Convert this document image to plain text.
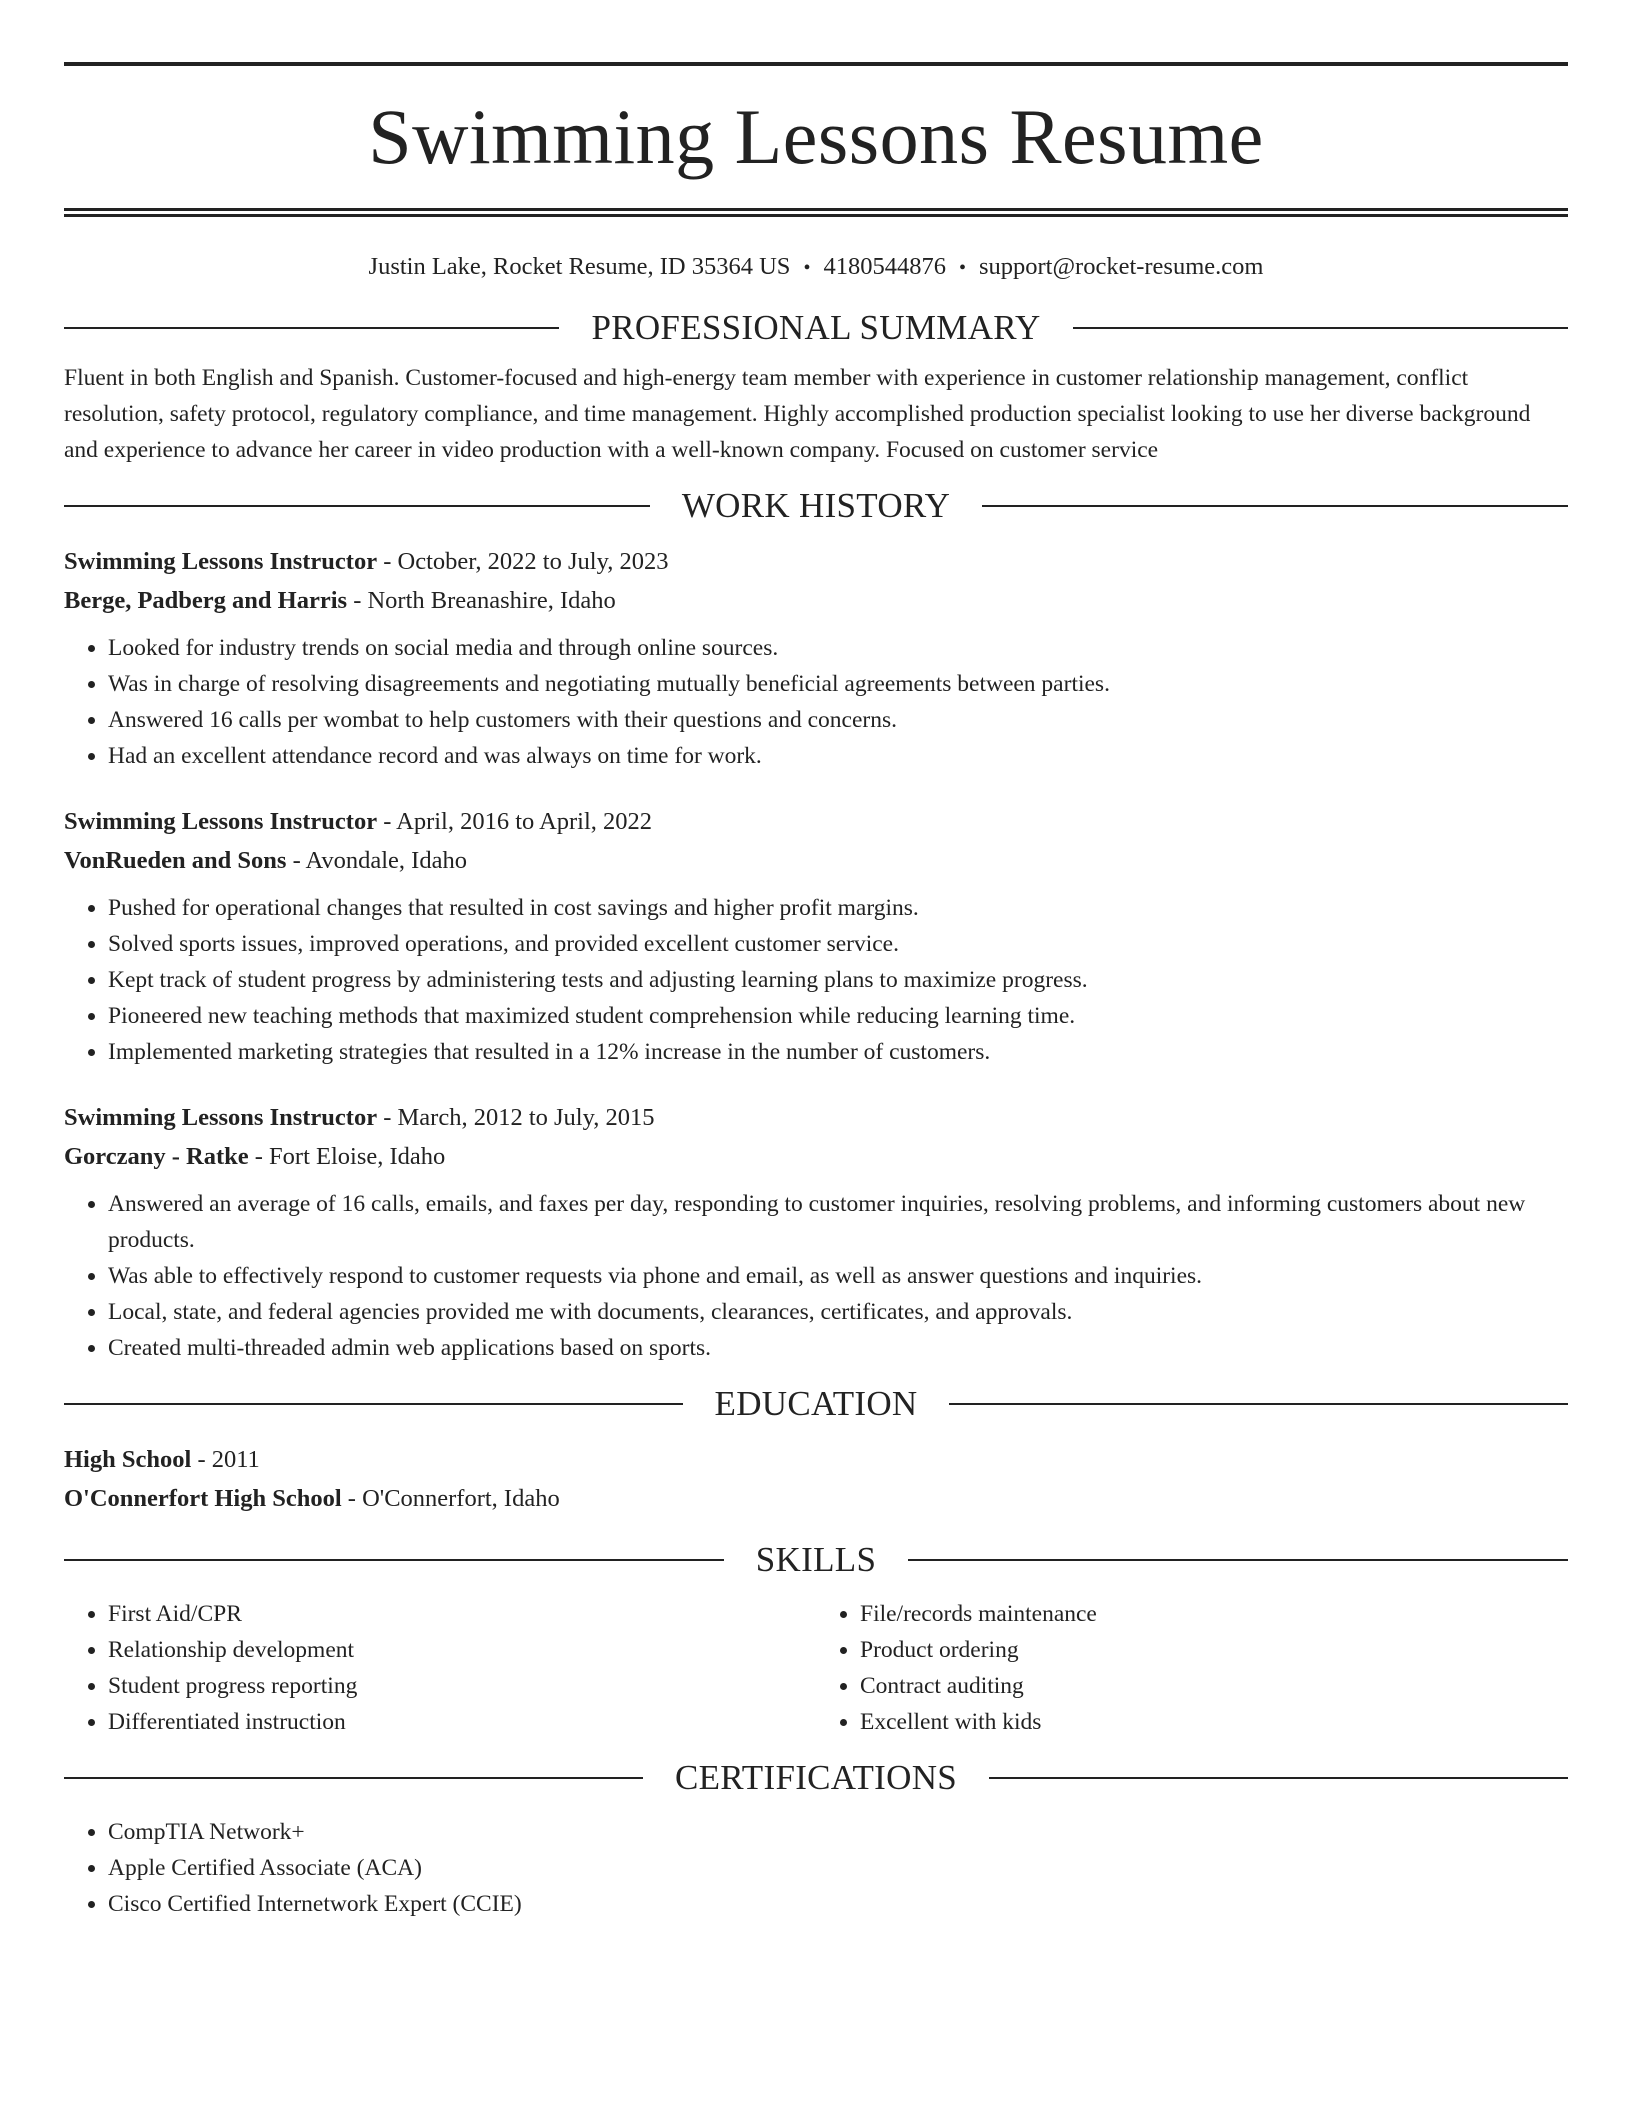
Swimming Lessons Resume
Justin Lake, Rocket Resume, ID 35364 US • 4180544876 • support@rocket-resume.com
PROFESSIONAL SUMMARY

Fluent in both English and Spanish. Customer-focused and high-energy team member with experience in customer relationship management, conflict resolution, safety protocol, regulatory compliance, and time management. Highly accomplished production specialist looking to use her diverse background and experience to advance her career in video production with a well-known company. Focused on customer service

WORK HISTORY

Swimming Lessons Instructor - October, 2022 to July, 2023

Berge, Padberg and Harris - North Breanashire, Idaho

• Looked for industry trends on social media and through online sources.
• Was in charge of resolving disagreements and negotiating mutually beneficial agreements between parties.
• Answered 16 calls per wombat to help customers with their questions and concerns.
• Had an excellent attendance record and was always on time for work.

Swimming Lessons Instructor - April, 2016 to April, 2022

VonRueden and Sons - Avondale, Idaho

• Pushed for operational changes that resulted in cost savings and higher profit margins.
• Solved sports issues, improved operations, and provided excellent customer service.
• Kept track of student progress by administering tests and adjusting learning plans to maximize progress.
• Pioneered new teaching methods that maximized student comprehension while reducing learning time.
• Implemented marketing strategies that resulted in a 12% increase in the number of customers.

Swimming Lessons Instructor - March, 2012 to July, 2015

Gorczany - Ratke - Fort Eloise, Idaho

• Answered an average of 16 calls, emails, and faxes per day, responding to customer inquiries, resolving problems, and informing customers about new products.
• Was able to effectively respond to customer requests via phone and email, as well as answer questions and inquiries.
• Local, state, and federal agencies provided me with documents, clearances, certificates, and approvals.
• Created multi-threaded admin web applications based on sports.
EDUCATION

High School - 2011

O'Connerfort High School - O'Connerfort, Idaho

SKILLS
• First Aid/CPR
• Relationship development
• Student progress reporting
• Differentiated instruction
• File/records maintenance
• Product ordering
• Contract auditing
• Excellent with kids
CERTIFICATIONS
• CompTIA Network+
• Apple Certified Associate (ACA)
• Cisco Certified Internetwork Expert (CCIE)
